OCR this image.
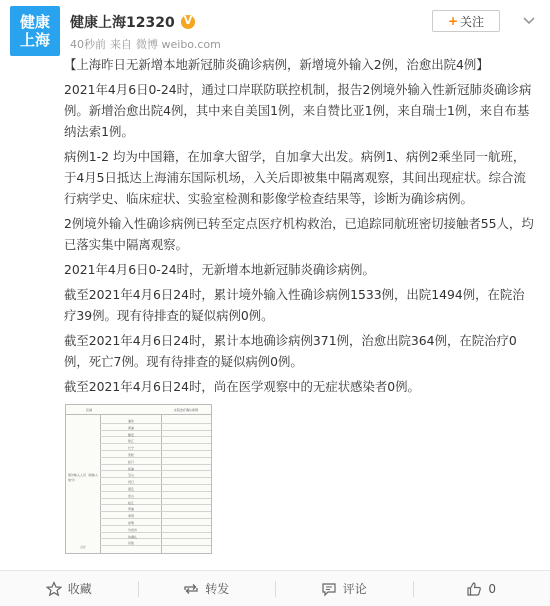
健康
上海
健康上海12320
V
40秒前 来自 微博 weibo.com
+ 关注

【上海昨日无新增本地新冠肺炎确诊病例，新增境外输入2例，治愈出院4例】

2021年4月6日0-24时，通过口岸联防联控机制，报告2例境外输入性新冠肺炎确诊病例。新增治愈出院4例，其中来自美国1例，来自赞比亚1例，来自瑞士1例，来自布基纳法索1例。

病例1-2 均为中国籍，在加拿大留学，自加拿大出发。病例1、病例2乘坐同一航班，于4月5日抵达上海浦东国际机场，入关后即被集中隔离观察，其间出现症状。综合流行病学史、临床症状、实验室检测和影像学检查结果等，诊断为确诊病例。

2例境外输入性确诊病例已转至定点医疗机构救治，已追踪同航班密切接触者55人，均已落实集中隔离观察。

2021年4月6日0-24时，无新增本地新冠肺炎确诊病例。

截至2021年4月6日24时，累计境外输入性确诊病例1533例，出院1494例，在院治疗39例。现有待排查的疑似病例0例。

截至2021年4月6日24时，累计本地确诊病例371例，治愈出院364例，在院治疗0例，死亡7例。现有待排查的疑似病例0例。

截至2021年4月6日24时，尚在医学观察中的无症状感染者0例。

区域	在院治疗确诊病例
境外输入人员（按输入地分）
合计
浦东
黄浦
静安
徐汇
长宁
普陀
虹口
杨浦
宝山
闵行
嘉定
金山
松江
青浦
奉贤
崇明
外省市
待确认
其他
收藏	转发	评论	0
